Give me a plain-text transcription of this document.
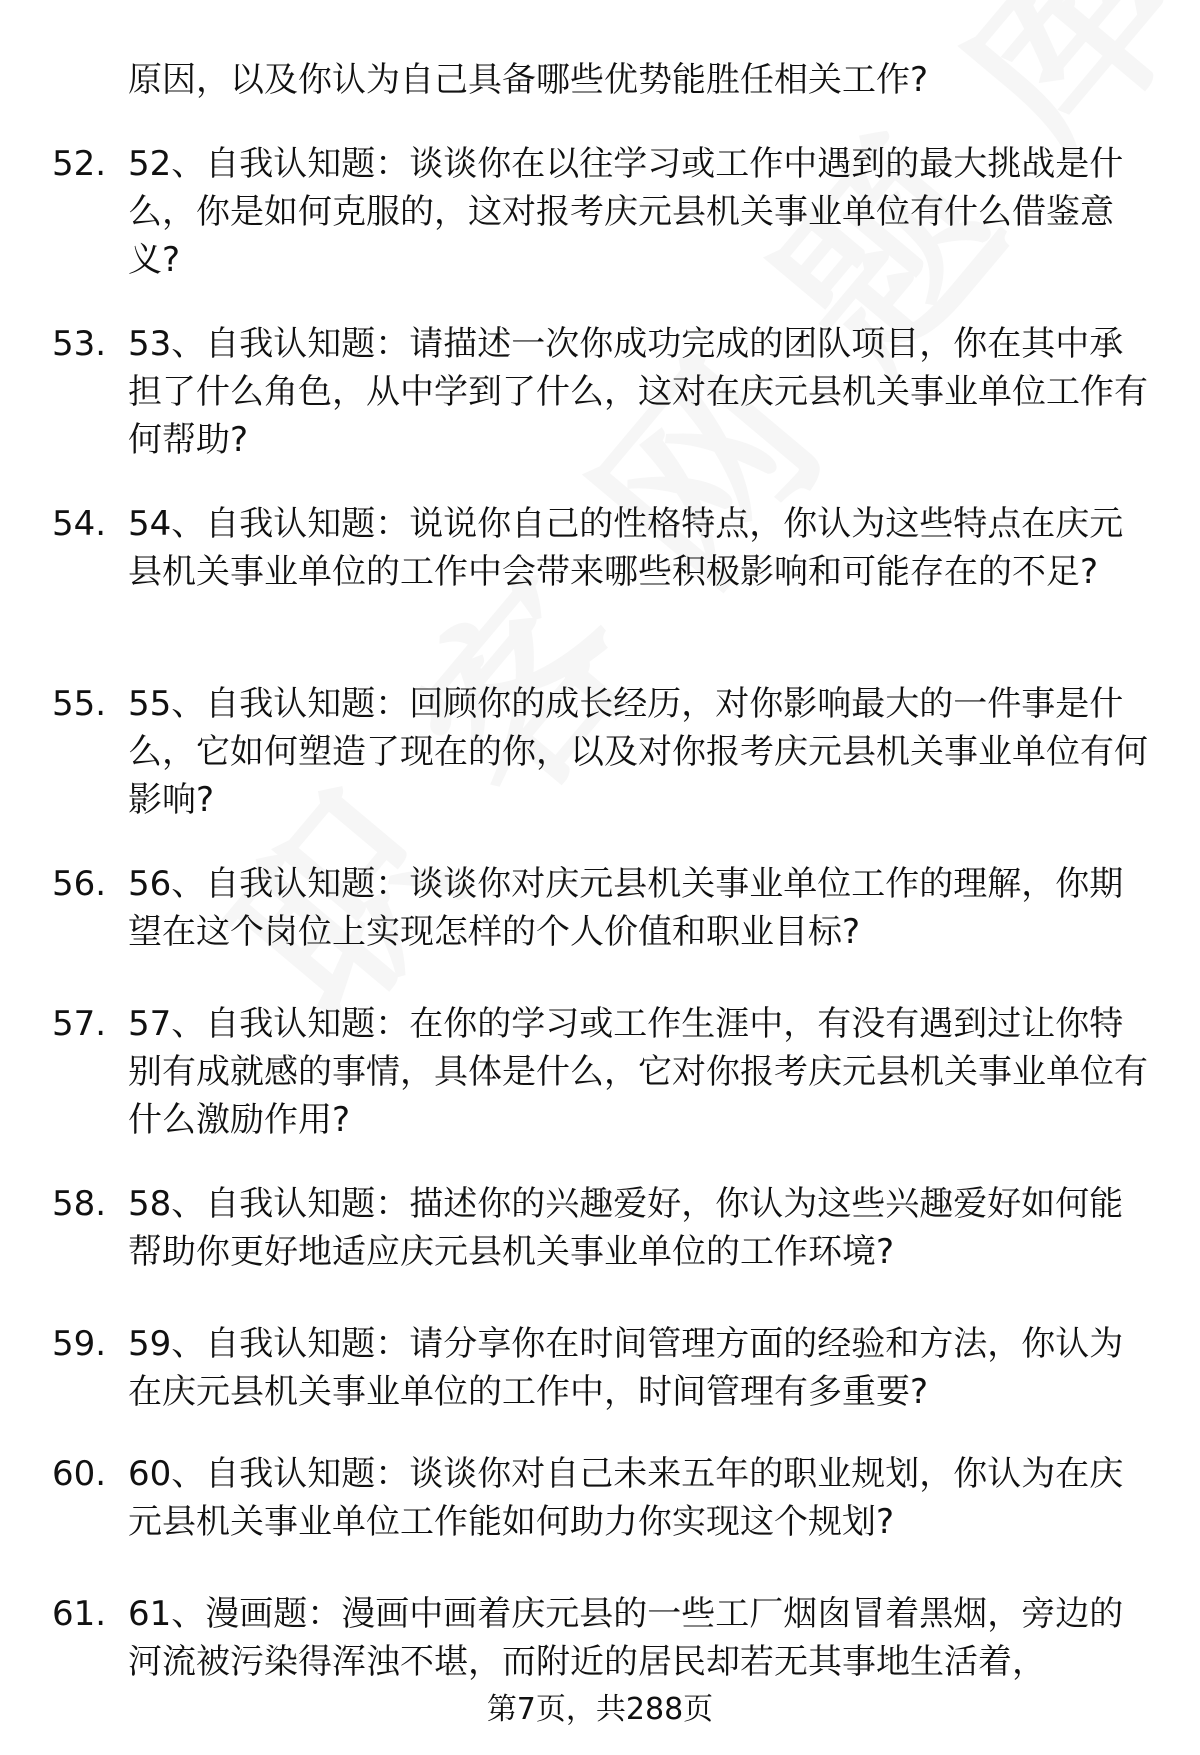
原因，以及你认为自己具备哪些优势能胜任相关工作?
52. 52、自我认知题：谈谈你在以往学习或工作中遇到的最大挑战是什么，你是如何克服的，这对报考庆元县机关事业单位有什么借鉴意义?
53. 53、自我认知题：请描述一次你成功完成的团队项目，你在其中承担了什么角色，从中学到了什么，这对在庆元县机关事业单位工作有何帮助?
54. 54、自我认知题：说说你自己的性格特点，你认为这些特点在庆元县机关事业单位的工作中会带来哪些积极影响和可能存在的不足?
55. 55、自我认知题：回顾你的成长经历，对你影响最大的一件事是什么，它如何塑造了现在的你，以及对你报考庆元县机关事业单位有何影响?
56. 56、自我认知题：谈谈你对庆元县机关事业单位工作的理解，你期望在这个岗位上实现怎样的个人价值和职业目标?
57. 57、自我认知题：在你的学习或工作生涯中，有没有遇到过让你特别有成就感的事情，具体是什么，它对你报考庆元县机关事业单位有什么激励作用?
58. 58、自我认知题：描述你的兴趣爱好，你认为这些兴趣爱好如何能帮助你更好地适应庆元县机关事业单位的工作环境?
59. 59、自我认知题：请分享你在时间管理方面的经验和方法，你认为在庆元县机关事业单位的工作中，时间管理有多重要?
60. 60、自我认知题：谈谈你对自己未来五年的职业规划，你认为在庆元县机关事业单位工作能如何助力你实现这个规划?
61. 61、漫画题：漫画中画着庆元县的一些工厂烟囱冒着黑烟，旁边的河流被污染得浑浊不堪，而附近的居民却若无其事地生活着，
第7页，共288页
